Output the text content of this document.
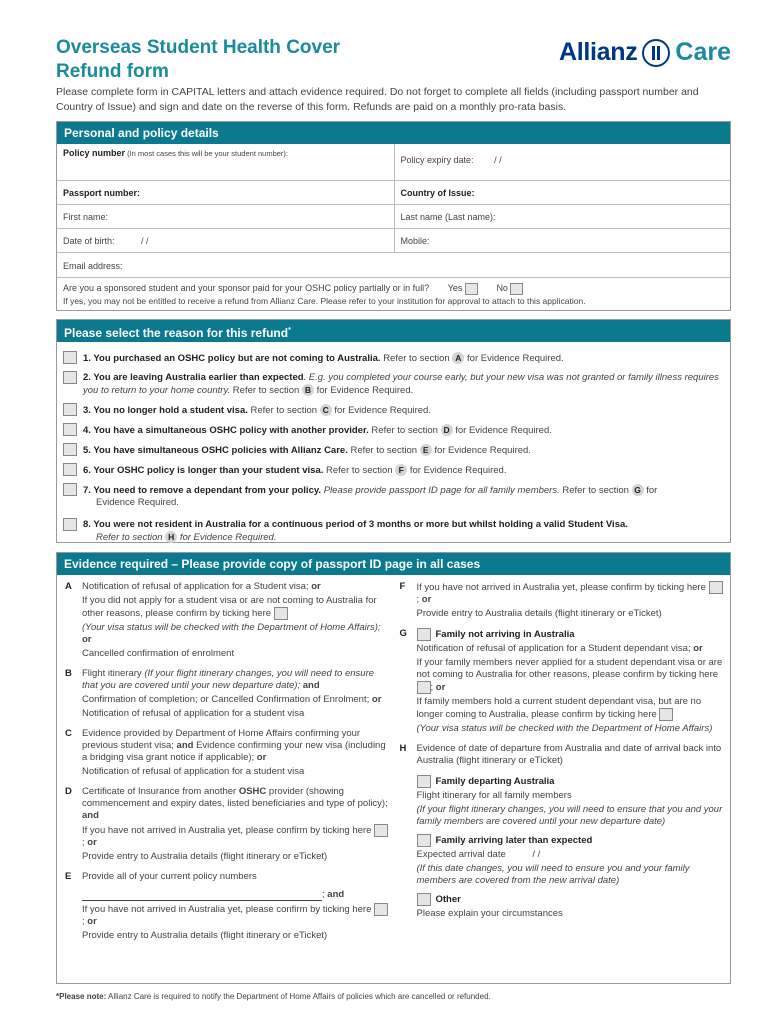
Overseas Student Health Cover
Refund form
Allianz Care
Please complete form in CAPITAL letters and attach evidence required. Do not forget to complete all fields (including passport number and Country of Issue) and sign and date on the reverse of this form. Refunds are paid on a monthly pro-rata basis.
Personal and policy details
Policy number (In most cases this will be your student number):
Policy expiry date: / /
Passport number:	Country of Issue:
First name:	Last name (Last name):
Date of birth:	/ /	Mobile:
Email address:
Are you a sponsored student and your sponsor paid for your OSHC policy partially or in full? Yes	No
If yes, you may not be entitled to receive a refund from Allianz Care. Please refer to your institution for approval to attach to this application.
Please select the reason for this refund*
1. You purchased an OSHC policy but are not coming to Australia. Refer to section A for Evidence Required.
2. You are leaving Australia earlier than expected. E.g. you completed your course early, but your new visa was not granted or family illness requires you to return to your home country. Refer to section B for Evidence Required.
3. You no longer hold a student visa. Refer to section C for Evidence Required.
4. You have a simultaneous OSHC policy with another provider. Refer to section D for Evidence Required.
5. You have simultaneous OSHC policies with Allianz Care. Refer to section E for Evidence Required.
6. Your OSHC policy is longer than your student visa. Refer to section F for Evidence Required.
7. You need to remove a dependant from your policy. Please provide passport ID page for all family members. Refer to section G for
Evidence Required.
8. You were not resident in Australia for a continuous period of 3 months or more but whilst holding a valid Student Visa.
Refer to section H for Evidence Required.
Evidence required – Please provide copy of passport ID page in all cases
A	Notification of refusal of application for a Student visa; or

If you did not apply for a student visa or are not coming to Australia for other reasons, please confirm by ticking here

(Your visa status will be checked with the Department of Home Affairs); or

Cancelled confirmation of enrolment

B	Flight itinerary (If your flight itinerary changes, you will need to ensure that you are covered until your new departure date); and

Confirmation of completion; or Cancelled Confirmation of Enrolment; or

Notification of refusal of application for a student visa

C	Evidence provided by Department of Home Affairs confirming your previous student visa; and Evidence confirming your new visa (including a bridging visa grant notice if applicable); or

Notification of refusal of application for a student visa

D	Certificate of Insurance from another OSHC provider (showing commencement and expiry dates, listed beneficiaries and type of policy); and

If you have not arrived in Australia yet, please confirm by ticking here ; or

Provide entry to Australia details (flight itinerary or eTicket)

E	Provide all of your current policy numbers

; and

If you have not arrived in Australia yet, please confirm by ticking here ; or

Provide entry to Australia details (flight itinerary or eTicket)

F	If you have not arrived in Australia yet, please confirm by ticking here ; or

Provide entry to Australia details (flight itinerary or eTicket)

G	Family not arriving in Australia

Notification of refusal of application for a Student dependant visa; or

If your family members never applied for a student dependant visa or are not coming to Australia for other reasons, please confirm by ticking here ; or

If family members hold a current student dependant visa, but are no longer coming to Australia, please confirm by ticking here

(Your visa status will be checked with the Department of Home Affairs)

H	Evidence of date of departure from Australia and date of arrival back into Australia (flight itinerary or eTicket)

Family departing Australia

Flight itinerary for all family members

(If your flight itinerary changes, you will need to ensure that you and your family members are covered until your new departure date)

Family arriving later than expected

Expected arrival date	/ /

(If this date changes, you will need to ensure you and your family members are covered from the new arrival date)

Other

Please explain your circumstances

*Please note: Allianz Care is required to notify the Department of Home Affairs of policies which are cancelled or refunded.
